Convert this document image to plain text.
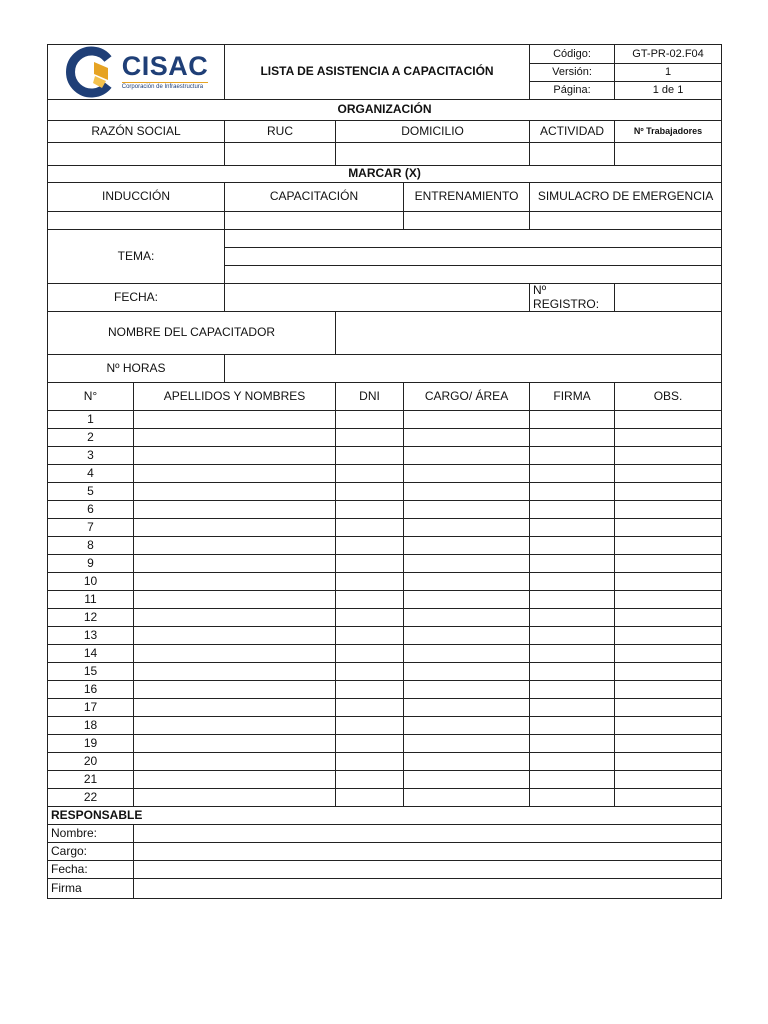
CISAC
Corporación de Infraestructura		LISTA DE ASISTENCIA A CAPACITACIÓN			Código:	GT-PR-02.F04
					Versión:	1
					Página:	1 de 1
ORGANIZACIÓN						
RAZÓN SOCIAL		RUC	DOMICILIO		ACTIVIDAD	Nº Trabajadores

MARCAR (X)						
INDUCCIÓN		CAPACITACIÓN		ENTRENAMIENTO	SIMULACRO DE EMERGENCIA	

TEMA:						

FECHA:					Nº REGISTRO:	
NOMBRE DEL CAPACITADOR						
Nº HORAS						
N°	APELLIDOS Y NOMBRES		DNI	CARGO/ ÁREA	FIRMA	OBS.
1						
2						
3						
4						
5						
6						
7						
8						
9						
10						
11						
12						
13						
14						
15						
16						
17						
18						
19						
20						
21						
22						
RESPONSABLE						
Nombre:						
Cargo:						
Fecha:						
Firma						
